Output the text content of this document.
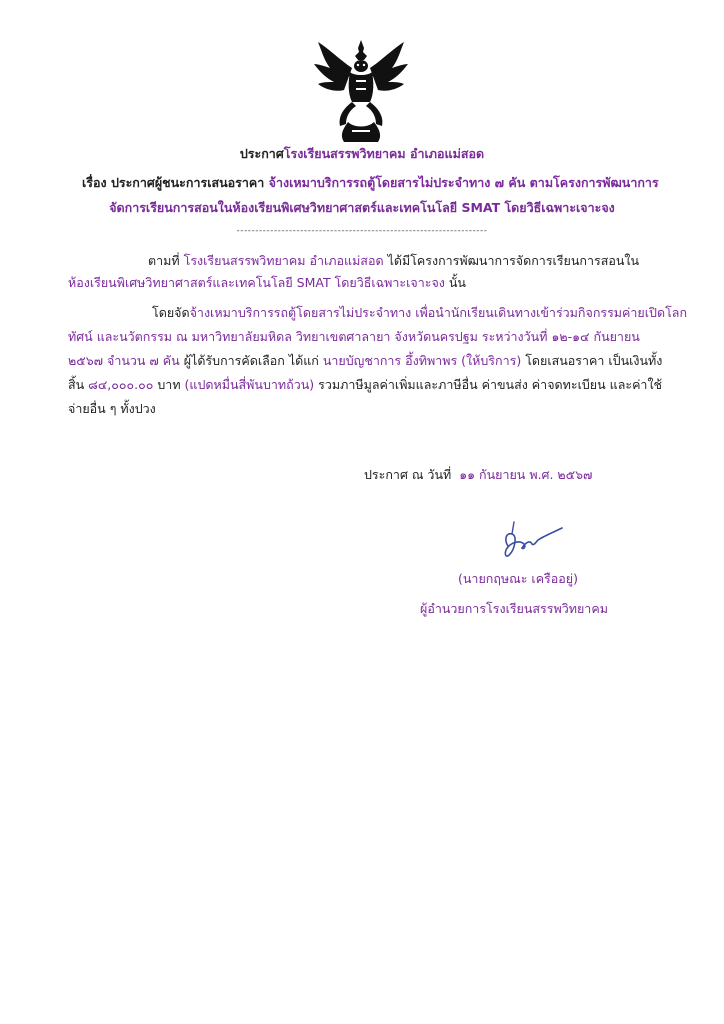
ประกาศโรงเรียนสรรพวิทยาคม อำเภอแม่สอด
เรื่อง ประกาศผู้ชนะการเสนอราคา จ้างเหมาบริการรถตู้โดยสารไม่ประจำทาง ๗ คัน ตามโครงการพัฒนาการ
จัดการเรียนการสอนในห้องเรียนพิเศษวิทยาศาสตร์และเทคโนโลยี SMAT โดยวิธีเฉพาะเจาะจง
-------------------------------------------------------------------
ตามที่ โรงเรียนสรรพวิทยาคม อำเภอแม่สอด ได้มีโครงการพัฒนาการจัดการเรียนการสอนใน
ห้องเรียนพิเศษวิทยาศาสตร์และเทคโนโลยี SMAT โดยวิธีเฉพาะเจาะจง นั้น
โดยจัดจ้างเหมาบริการรถตู้โดยสารไม่ประจำทาง เพื่อนำนักเรียนเดินทางเข้าร่วมกิจกรรมค่ายเปิดโลก
ทัศน์ และนวัตกรรม ณ มหาวิทยาลัยมหิดล วิทยาเขตศาลายา จังหวัดนครปฐม ระหว่างวันที่ ๑๒-๑๔ กันยายน
๒๕๖๗ จำนวน ๗ คัน ผู้ได้รับการคัดเลือก ได้แก่ นายบัญชาการ อึ้งทิพาพร (ให้บริการ) โดยเสนอราคา เป็นเงินทั้ง
สิ้น ๘๔,๐๐๐.๐๐ บาท (แปดหมื่นสี่พันบาทถ้วน) รวมภาษีมูลค่าเพิ่มและภาษีอื่น ค่าขนส่ง ค่าจดทะเบียน และค่าใช้
จ่ายอื่น ๆ ทั้งปวง
ประกาศ ณ วันที่ ๑๑ กันยายน พ.ศ. ๒๕๖๗
(นายกฤษณะ เครืออยู่)
ผู้อำนวยการโรงเรียนสรรพวิทยาคม
